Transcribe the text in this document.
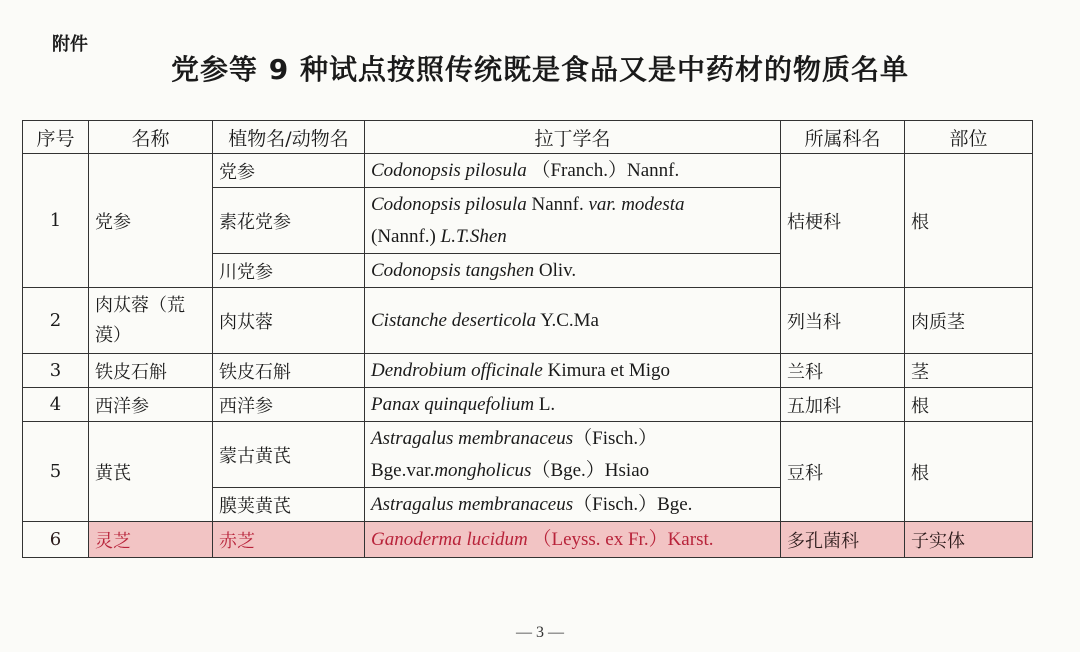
附件
党参等 9 种试点按照传统既是食品又是中药材的物质名单
序号	名称	植物名/动物名	拉丁学名	所属科名	部位
1	党参	党参	Codonopsis pilosula （Franch.）Nannf.	桔梗科	根
		素花党参	Codonopsis pilosula Nannf. var. modesta
(Nannf.) L.T.Shen		
		川党参	Codonopsis tangshen Oliv.		
2	肉苁蓉（荒漠）	肉苁蓉	Cistanche deserticola Y.C.Ma	列当科	肉质茎
3	铁皮石斛	铁皮石斛	Dendrobium officinale Kimura et Migo	兰科	茎
4	西洋参	西洋参	Panax quinquefolium L.	五加科	根
5	黄芪	蒙古黄芪	Astragalus membranaceus（Fisch.）
Bge.var.mongholicus（Bge.）Hsiao	豆科	根
		膜荚黄芪	Astragalus membranaceus（Fisch.）Bge.		
6	灵芝	赤芝	Ganoderma lucidum （Leyss. ex Fr.）Karst.	多孔菌科	子实体
— 3 —
